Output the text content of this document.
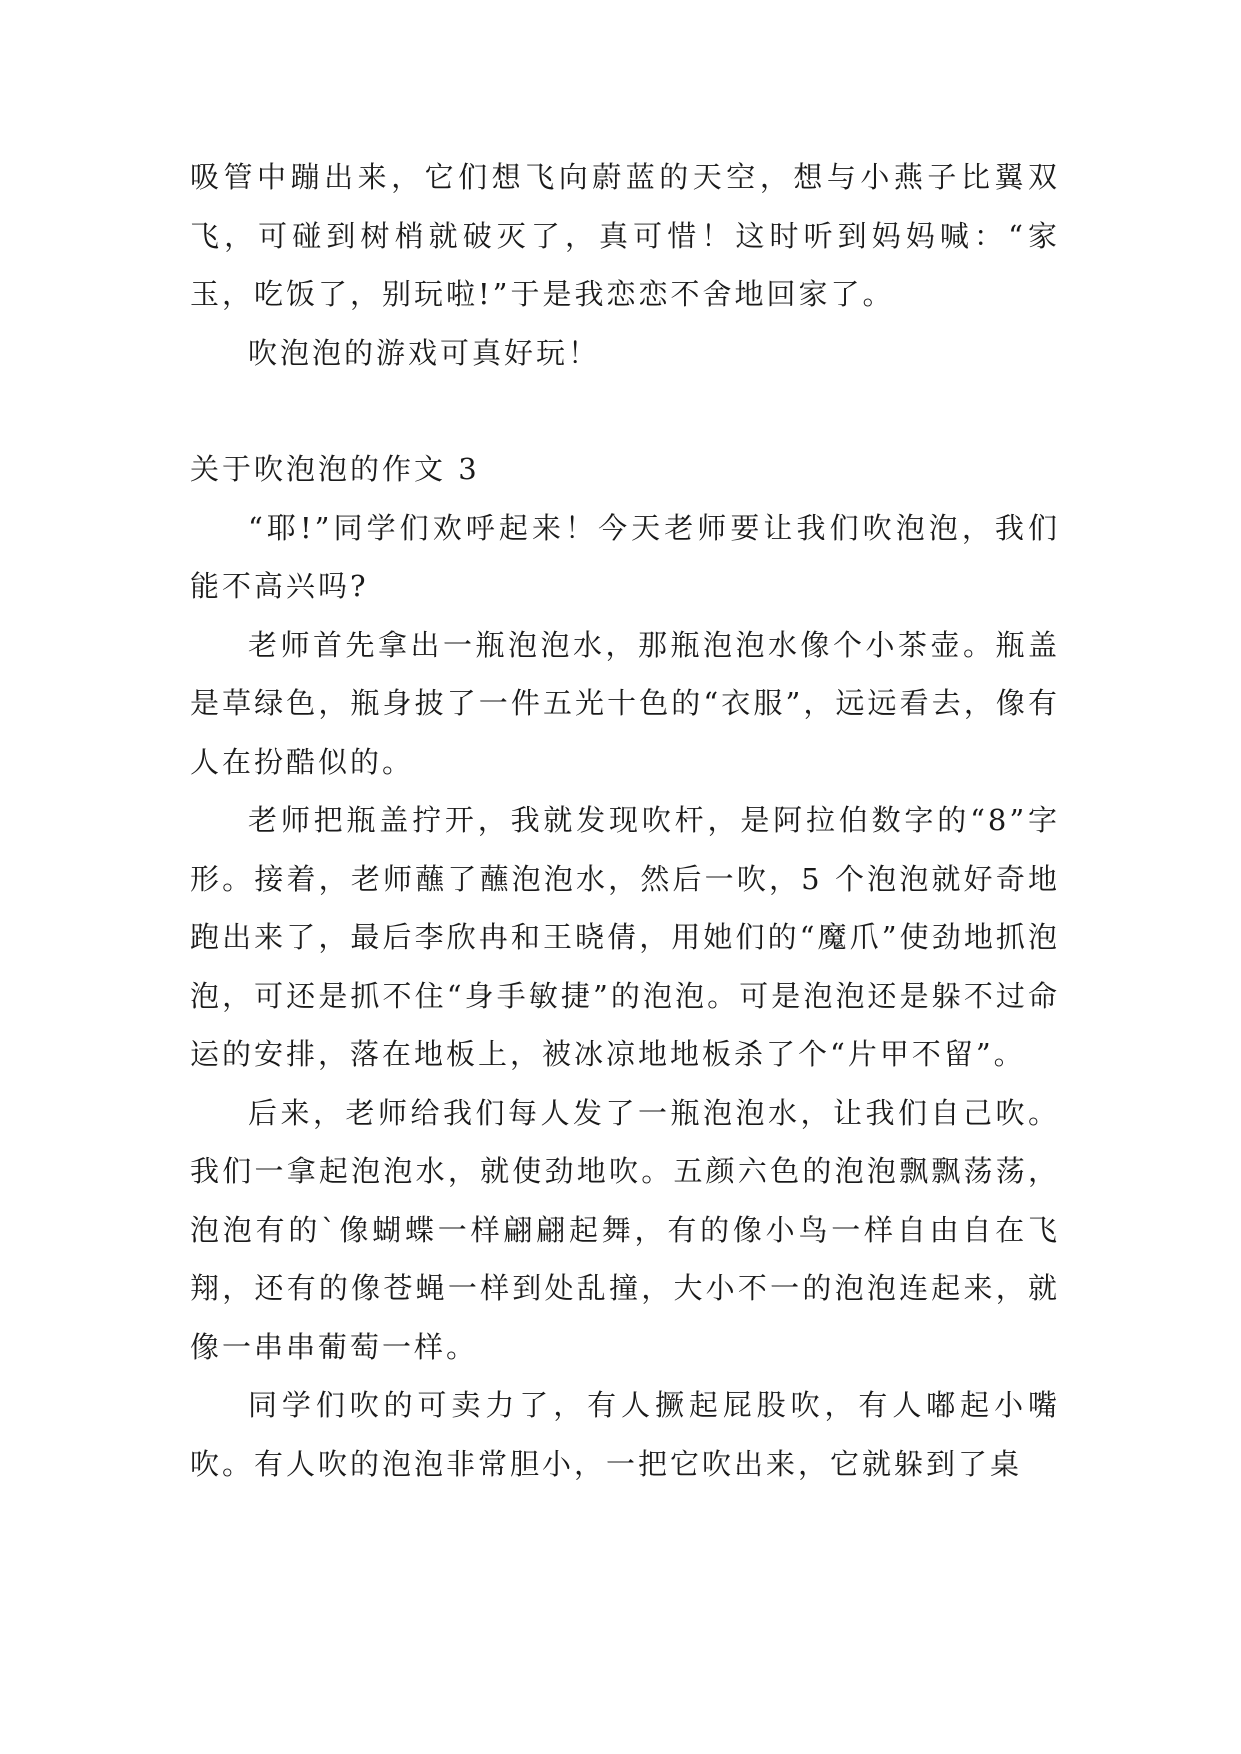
吸管中蹦出来，它们想飞向蔚蓝的天空，想与小燕子比翼双飞，可碰到树梢就破灭了，真可惜！这时听到妈妈喊：“家玉，吃饭了，别玩啦!”于是我恋恋不舍地回家了。

吹泡泡的游戏可真好玩！

关于吹泡泡的作文 3

“耶!”同学们欢呼起来！今天老师要让我们吹泡泡，我们能不高兴吗?

老师首先拿出一瓶泡泡水，那瓶泡泡水像个小茶壶。瓶盖是草绿色，瓶身披了一件五光十色的“衣服”，远远看去，像有人在扮酷似的。

老师把瓶盖拧开，我就发现吹杆，是阿拉伯数字的“8”字形。接着，老师蘸了蘸泡泡水，然后一吹，5 个泡泡就好奇地跑出来了，最后李欣冉和王晓倩，用她们的“魔爪”使劲地抓泡泡，可还是抓不住“身手敏捷”的泡泡。可是泡泡还是躲不过命运的安排，落在地板上，被冰凉地地板杀了个“片甲不留”。

后来，老师给我们每人发了一瓶泡泡水，让我们自己吹。我们一拿起泡泡水，就使劲地吹。五颜六色的泡泡飘飘荡荡，泡泡有的`像蝴蝶一样翩翩起舞，有的像小鸟一样自由自在飞翔，还有的像苍蝇一样到处乱撞，大小不一的泡泡连起来，就像一串串葡萄一样。

同学们吹的可卖力了，有人撅起屁股吹，有人嘟起小嘴吹。有人吹的泡泡非常胆小，一把它吹出来，它就躲到了桌
